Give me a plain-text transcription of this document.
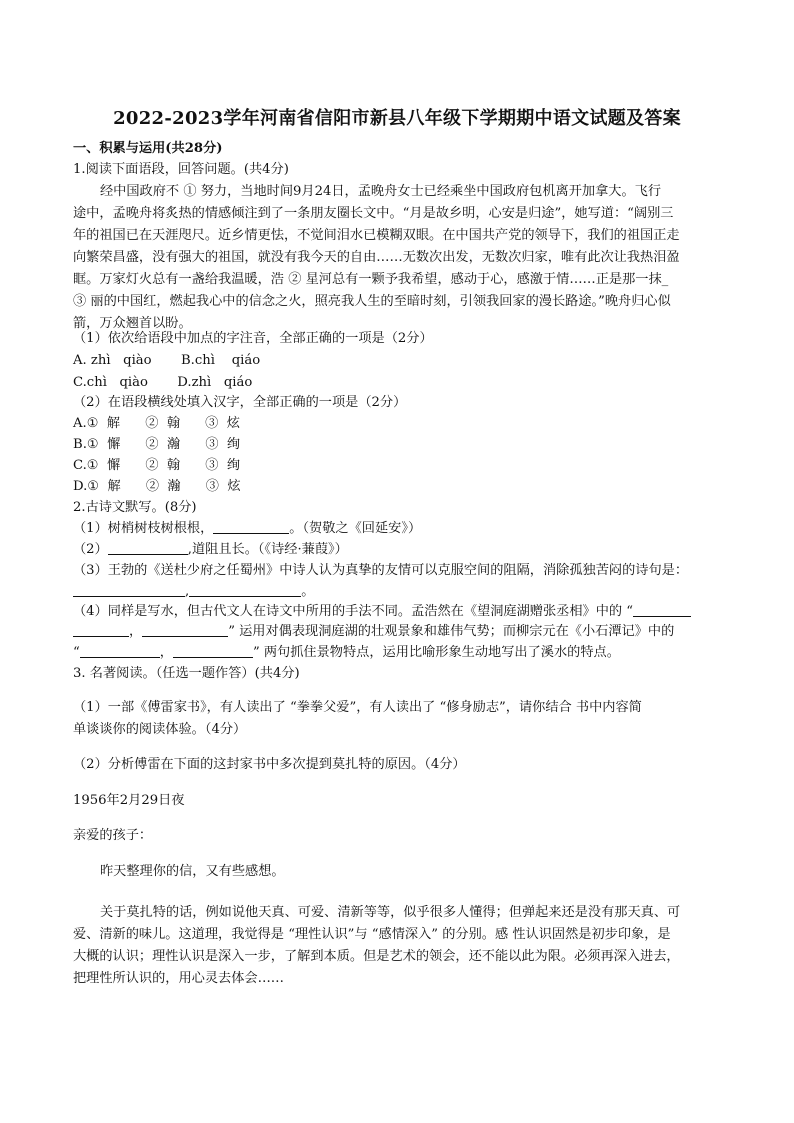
2022-2023学年河南省信阳市新县八年级下学期期中语文试题及答案
一、积累与运用(共28分)
1.阅读下面语段，回答问题。(共4分)
经中国政府不 ① 努力，当地时间9月24日，孟晚舟女士已经乘坐中国政府包机离开加拿大。飞行
途中，孟晚舟将炙热的情感倾注到了一条朋友圈长文中。“月是故乡明，心安是归途”，她写道：“阔别三
年的祖国已在天涯咫尺。近乡情更怯，不觉间泪水已模糊双眼。在中国共产党的领导下，我们的祖国正走
向繁荣昌盛，没有强大的祖国，就没有我今天的自由……无数次出发，无数次归家，唯有此次让我热泪盈
眶。万家灯火总有一盏给我温暖，浩 ② 星河总有一颗予我希望，感动于心，感激于情……正是那一抹_
③ 丽的中国红，燃起我心中的信念之火，照亮我人生的至暗时刻，引领我回家的漫长路途。”晚舟归心似
箭，万众翘首以盼。
（1）依次给语段中加点的字注音，全部正确的一项是（2分）
A. zhì   qiào       B.chì    qiáo
C.chì   qiào       D.zhì   qiáo
（2）在语段横线处填入汉字，全部正确的一项是（2分）
A.①  解      ②  翰      ③  炫
B.①  懈      ②  瀚      ③  绚
C.①  懈      ②  翰      ③  绚
D.①  解      ②  瀚      ③  炫
2.古诗文默写。(8分)
（1）树梢树枝树根根，	。（贺敬之《回延安》）
（2）	,道阻且长。（《诗经·蒹葭》）
（3）王勃的《送杜少府之任蜀州》中诗人认为真挚的友情可以克服空间的阻隔，消除孤独苦闷的诗句是：
,	。
（4）同样是写水，但古代文人在诗文中所用的手法不同。孟浩然在《望洞庭湖赠张丞相》中的 “
，	” 运用对偶表现洞庭湖的壮观景象和雄伟气势；而柳宗元在《小石潭记》中的
“	，	” 两句抓住景物特点，运用比喻形象生动地写出了溪水的特点。
3. 名著阅读。（任选一题作答）(共4分)
（1）一部《傅雷家书》，有人读出了 “拳拳父爱”，有人读出了 “修身励志”，请你结合 书中内容简
单谈谈你的阅读体验。（4分）
（2）分析傅雷在下面的这封家书中多次提到莫扎特的原因。（4分）
1956年2月29日夜
亲爱的孩子：
昨天整理你的信，又有些感想。
关于莫扎特的话，例如说他天真、可爱、清新等等，似乎很多人懂得；但弹起来还是没有那天真、可
爱、清新的味儿。这道理，我觉得是 “理性认识”与 “感情深入” 的分别。感 性认识固然是初步印象，是
大概的认识；理性认识是深入一步，了解到本质。但是艺术的领会，还不能以此为限。必须再深入进去，
把理性所认识的，用心灵去体会……
